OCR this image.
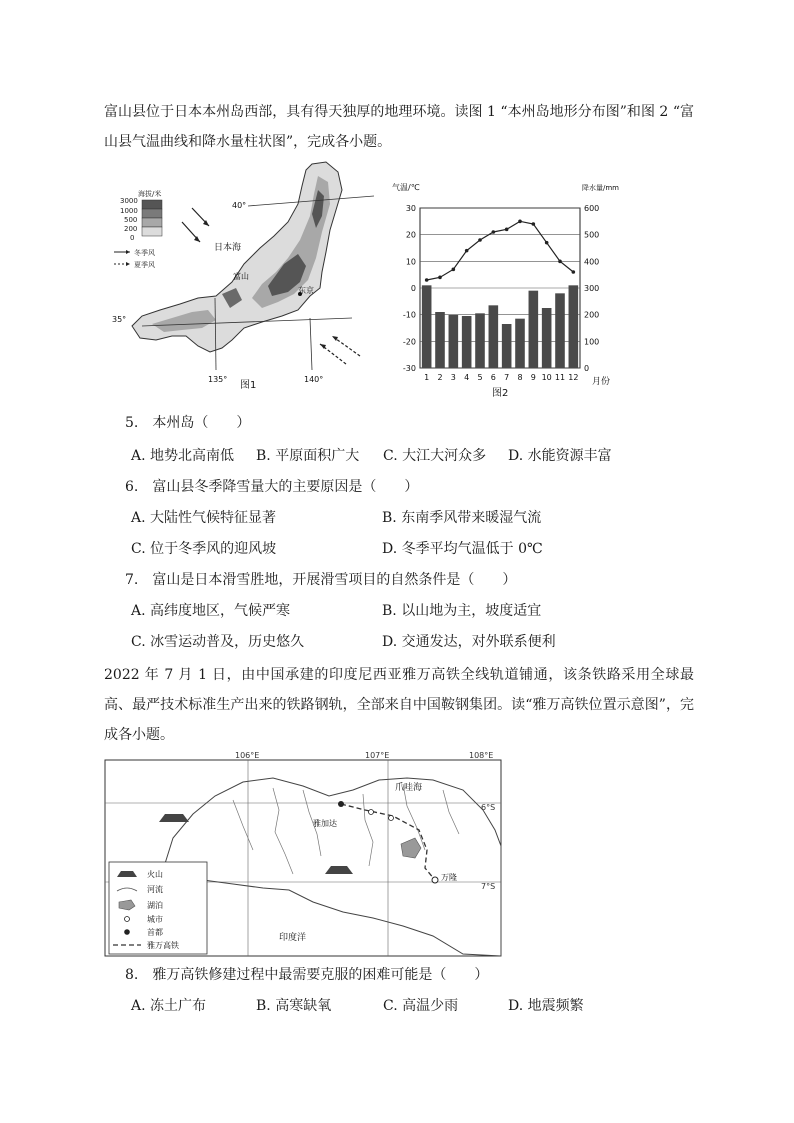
富山县位于日本本州岛西部，具有得天独厚的地理环境。读图 1 “本州岛地形分布图”和图 2 “富山县气温曲线和降水量柱状图”，完成各小题。
海拔/米
3000
1000
500
200
0
冬季风
夏季风
日本海
富山
东京
40°
35°
135°	140°
图1
气温/℃	降水量/mm
30	600
20	500
10	400
0	300
-10	200
-20	100
-30	0
1 2 3 4 5 6 7 8 9 10 11 12 月份
图2
5.　本州岛（　　）
A. 地势北高南低 B. 平原面积广大 C. 大江大河众多 D. 水能资源丰富
6.　富山县冬季降雪量大的主要原因是（　　）
A. 大陆性气候特征显著	B. 东南季风带来暖湿气流
C. 位于冬季风的迎风坡	D. 冬季平均气温低于 0℃
7.　富山是日本滑雪胜地，开展滑雪项目的自然条件是（　　）
A. 高纬度地区，气候严寒	B. 以山地为主，坡度适宜
C. 冰雪运动普及，历史悠久	D. 交通发达，对外联系便利
2022 年 7 月 1 日，由中国承建的印度尼西亚雅万高铁全线轨道铺通，该条铁路采用全球最高、最严技术标准生产出来的铁路钢轨，全部来自中国鞍钢集团。读“雅万高铁位置示意图”，完成各小题。
106°E	107°E	108°E
6°S
7°S
爪哇海
印度洋
雅加达
万隆
火山
河流
湖泊
城市
首都
雅万高铁
8.　雅万高铁修建过程中最需要克服的困难可能是（　　）
A. 冻土广布	B. 高寒缺氧	C. 高温少雨	D. 地震频繁
